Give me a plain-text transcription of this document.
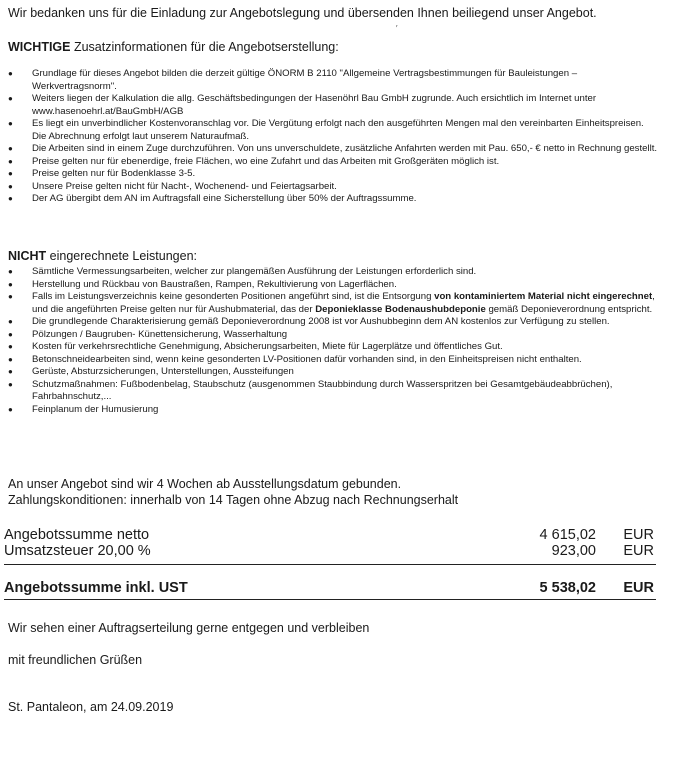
Wir bedanken uns für die Einladung zur Angebotslegung und übersenden Ihnen beiliegend unser Angebot.
′
WICHTIGE Zusatzinformationen für die Angebotserstellung:
●	Grundlage für dieses Angebot bilden die derzeit gültige ÖNORM B 2110 "Allgemeine Vertragsbestimmungen für Bauleistungen – Werkvertragsnorm".
●	Weiters liegen der Kalkulation die allg. Geschäftsbedingungen der Hasenöhrl Bau GmbH zugrunde. Auch ersichtlich im Internet unter www.hasenoehrl.at/BauGmbH/AGB
●	Es liegt ein unverbindlicher Kostenvoranschlag vor. Die Vergütung erfolgt nach den ausgeführten Mengen mal den vereinbarten Einheitspreisen. Die Abrechnung erfolgt laut unserem Naturaufmaß.
●	Die Arbeiten sind in einem Zuge durchzuführen. Von uns unverschuldete, zusätzliche Anfahrten werden mit Pau. 650,- € netto in Rechnung gestellt.
●	Preise gelten nur für ebenerdige, freie Flächen, wo eine Zufahrt und das Arbeiten mit Großgeräten möglich ist.
●	Preise gelten nur für Bodenklasse 3-5.
●	Unsere Preise gelten nicht für Nacht-, Wochenend- und Feiertagsarbeit.
●	Der AG übergibt dem AN im Auftragsfall eine Sicherstellung über 50% der Auftragssumme.
NICHT eingerechnete Leistungen:
●	Sämtliche Vermessungsarbeiten, welcher zur plangemäßen Ausführung der Leistungen erforderlich sind.
●	Herstellung und Rückbau von Baustraßen, Rampen, Rekultivierung von Lagerflächen.
●	Falls im Leistungsverzeichnis keine gesonderten Positionen angeführt sind, ist die Entsorgung von kontaminiertem Material nicht eingerechnet, und die angeführten Preise gelten nur für Aushubmaterial, das der Deponieklasse Bodenaushubdeponie gemäß Deponieverordnung entspricht.
●	Die grundlegende Charakterisierung gemäß Deponieverordnung 2008 ist vor Aushubbeginn dem AN kostenlos zur Verfügung zu stellen.
●	Pölzungen / Baugruben- Künettensicherung, Wasserhaltung
●	Kosten für verkehrsrechtliche Genehmigung, Absicherungsarbeiten, Miete für Lagerplätze und öffentliches Gut.
●	Betonschneidearbeiten sind, wenn keine gesonderten LV-Positionen dafür vorhanden sind, in den Einheitspreisen nicht enthalten.
●	Gerüste, Absturzsicherungen, Unterstellungen, Aussteifungen
●	Schutzmaßnahmen: Fußbodenbelag, Staubschutz (ausgenommen Staubbindung durch Wasserspritzen bei Gesamtgebäudeabbrüchen), Fahrbahnschutz,...
●	Feinplanum der Humusierung
An unser Angebot sind wir 4 Wochen ab Ausstellungsdatum gebunden.
Zahlungskonditionen: innerhalb von 14 Tagen ohne Abzug nach Rechnungserhalt
Angebotssumme netto	4 615,02 EUR
Umsatzsteuer 20,00 %	923,00 EUR
Angebotssumme inkl. UST	5 538,02 EUR
Wir sehen einer Auftragserteilung gerne entgegen und verbleiben
mit freundlichen Grüßen
St. Pantaleon, am 24.09.2019
